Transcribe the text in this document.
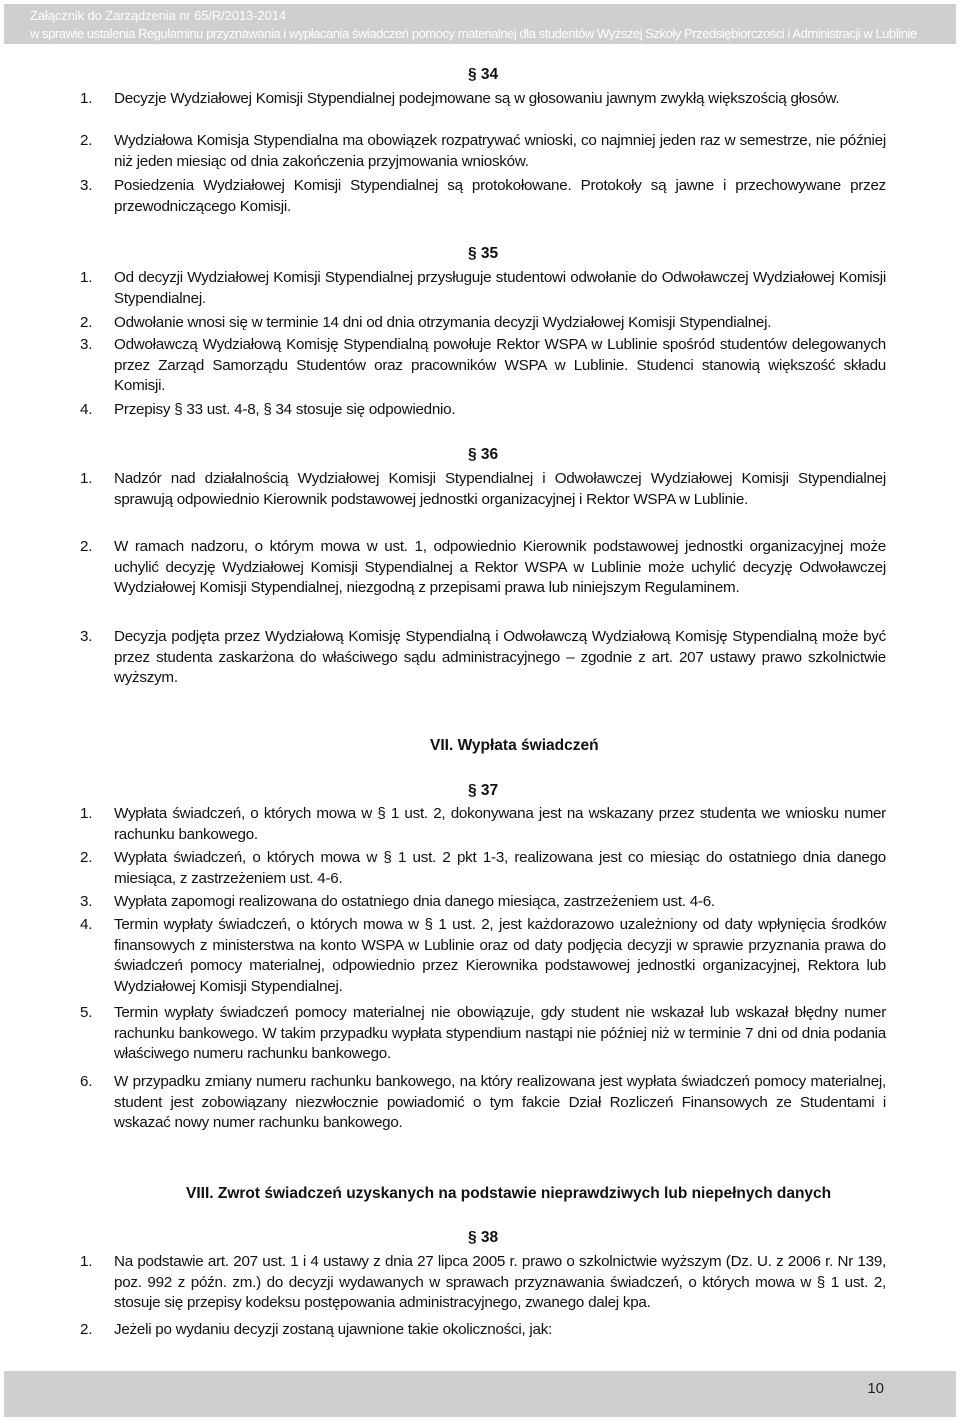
Załącznik do Zarządzenia nr 65/R/2013-2014
w sprawie ustalenia Regulaminu przyznawania i wypłacania świadczeń pomocy materialnej dla studentów Wyższej Szkoły Przedsiębiorczości i Administracji w Lublinie
§ 34
1. Decyzje Wydziałowej Komisji Stypendialnej podejmowane są w głosowaniu jawnym zwykłą większością głosów.
2. Wydziałowa Komisja Stypendialna ma obowiązek rozpatrywać wnioski, co najmniej jeden raz w semestrze, nie później niż jeden miesiąc od dnia zakończenia przyjmowania wniosków.
3. Posiedzenia Wydziałowej Komisji Stypendialnej są protokołowane. Protokoły są jawne i przechowywane przez przewodniczącego Komisji.
§ 35
1. Od decyzji Wydziałowej Komisji Stypendialnej przysługuje studentowi odwołanie do Odwoławczej Wydziałowej Komisji Stypendialnej.
2. Odwołanie wnosi się w terminie 14 dni od dnia otrzymania decyzji Wydziałowej Komisji Stypendialnej.
3. Odwoławczą Wydziałową Komisję Stypendialną powołuje Rektor WSPA w Lublinie spośród studentów delegowanych przez Zarząd Samorządu Studentów oraz pracowników WSPA w Lublinie. Studenci stanowią większość składu Komisji.
4. Przepisy § 33 ust. 4-8, § 34 stosuje się odpowiednio.
§ 36
1. Nadzór nad działalnością Wydziałowej Komisji Stypendialnej i Odwoławczej Wydziałowej Komisji Stypendialnej sprawują odpowiednio Kierownik podstawowej jednostki organizacyjnej i Rektor WSPA w Lublinie.
2. W ramach nadzoru, o którym mowa w ust. 1, odpowiednio Kierownik podstawowej jednostki organizacyjnej może uchylić decyzję Wydziałowej Komisji Stypendialnej a Rektor WSPA w Lublinie może uchylić decyzję Odwoławczej Wydziałowej Komisji Stypendialnej, niezgodną z przepisami prawa lub niniejszym Regulaminem.
3. Decyzja podjęta przez Wydziałową Komisję Stypendialną i Odwoławczą Wydziałową Komisję Stypendialną może być przez studenta zaskarżona do właściwego sądu administracyjnego – zgodnie z art. 207 ustawy prawo szkolnictwie wyższym.
VII. Wypłata świadczeń
§ 37
1. Wypłata świadczeń, o których mowa w § 1 ust. 2, dokonywana jest na wskazany przez studenta we wniosku numer rachunku bankowego.
2. Wypłata świadczeń, o których mowa w § 1 ust. 2 pkt 1-3, realizowana jest co miesiąc do ostatniego dnia danego miesiąca, z zastrzeżeniem ust. 4-6.
3. Wypłata zapomogi realizowana do ostatniego dnia danego miesiąca, zastrzeżeniem ust. 4-6.
4. Termin wypłaty świadczeń, o których mowa w § 1 ust. 2, jest każdorazowo uzależniony od daty wpłynięcia środków finansowych z ministerstwa na konto WSPA w Lublinie oraz od daty podjęcia decyzji w sprawie przyznania prawa do świadczeń pomocy materialnej, odpowiednio przez Kierownika podstawowej jednostki organizacyjnej, Rektora lub Wydziałowej Komisji Stypendialnej.
5. Termin wypłaty świadczeń pomocy materialnej nie obowiązuje, gdy student nie wskazał lub wskazał błędny numer rachunku bankowego. W takim przypadku wypłata stypendium nastąpi nie później niż w terminie 7 dni od dnia podania właściwego numeru rachunku bankowego.
6. W przypadku zmiany numeru rachunku bankowego, na który realizowana jest wypłata świadczeń pomocy materialnej, student jest zobowiązany niezwłocznie powiadomić o tym fakcie Dział Rozliczeń Finansowych ze Studentami i wskazać nowy numer rachunku bankowego.
VIII. Zwrot świadczeń uzyskanych na podstawie nieprawdziwych lub niepełnych danych
§ 38
1. Na podstawie art. 207 ust. 1 i 4 ustawy z dnia 27 lipca 2005 r. prawo o szkolnictwie wyższym (Dz. U. z 2006 r. Nr 139, poz. 992 z późn. zm.) do decyzji wydawanych w sprawach przyznawania świadczeń, o których mowa w § 1 ust. 2, stosuje się przepisy kodeksu postępowania administracyjnego, zwanego dalej kpa.
2. Jeżeli po wydaniu decyzji zostaną ujawnione takie okoliczności, jak:
10
